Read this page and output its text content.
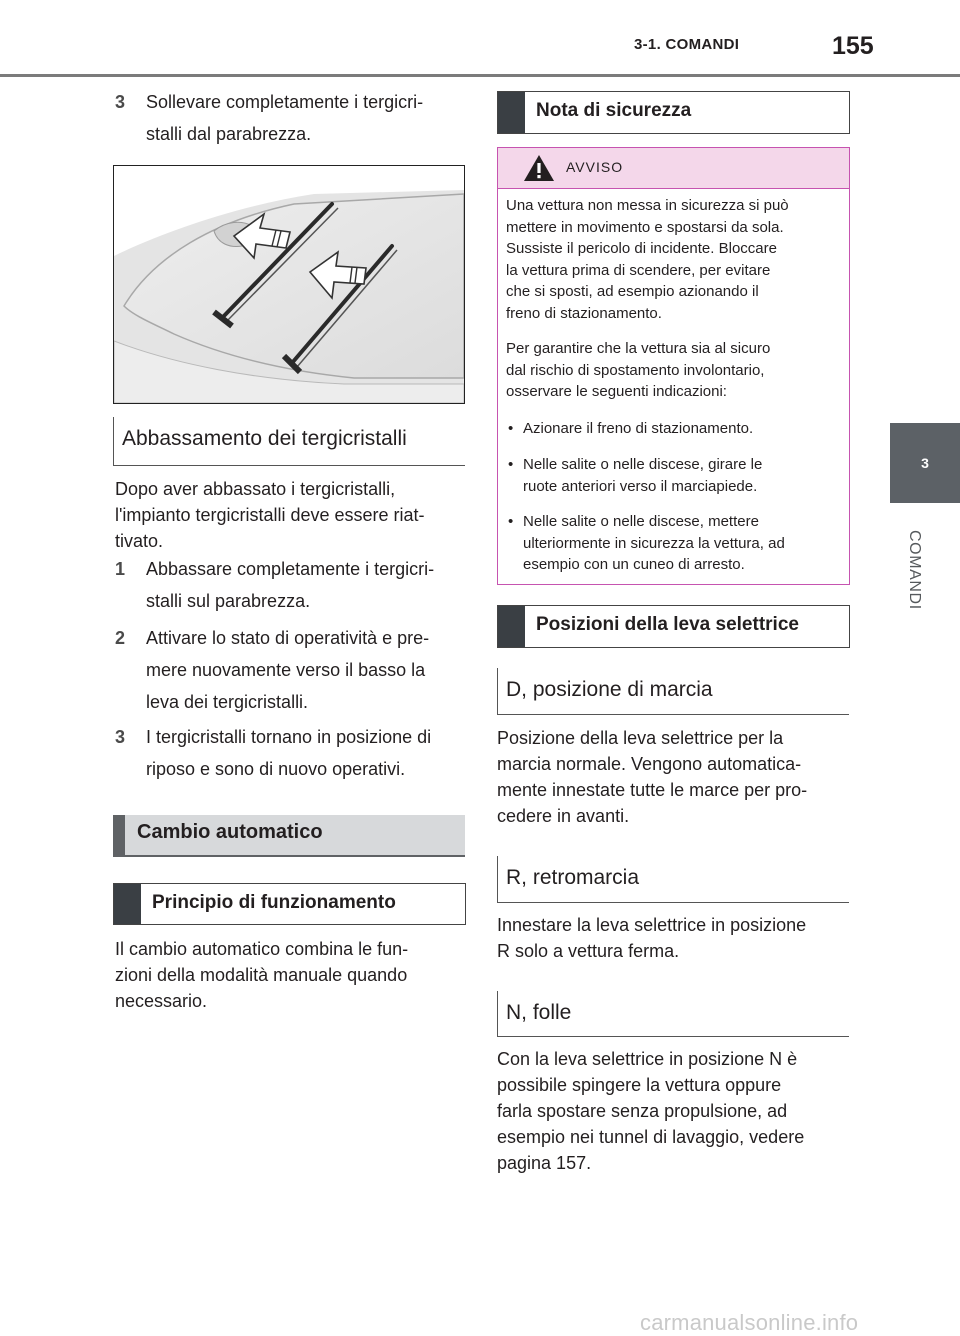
3-1. COMANDI	155
3
COMANDI
3 Sollevare completamente i tergicri-
stalli dal parabrezza.
Abbassamento dei tergicristalli
Dopo aver abbassato i tergicristalli,
l'impianto tergicristalli deve essere riat-
tivato.
1 Abbassare completamente i tergicri-
stalli sul parabrezza.
2 Attivare lo stato di operatività e pre-
mere nuovamente verso il basso la
leva dei tergicristalli.
3 I tergicristalli tornano in posizione di
riposo e sono di nuovo operativi.
Cambio automatico
Principio di funzionamento
Il cambio automatico combina le fun-
zioni della modalità manuale quando
necessario.
Nota di sicurezza
AVVISO
Una vettura non messa in sicurezza si può
mettere in movimento e spostarsi da sola.
Sussiste il pericolo di incidente. Bloccare
la vettura prima di scendere, per evitare
che si sposti, ad esempio azionando il
freno di stazionamento.
Per garantire che la vettura sia al sicuro
dal rischio di spostamento involontario,
osservare le seguenti indicazioni:
• Azionare il freno di stazionamento.
• Nelle salite o nelle discese, girare le
ruote anteriori verso il marciapiede.
• Nelle salite o nelle discese, mettere
ulteriormente in sicurezza la vettura, ad
esempio con un cuneo di arresto.
Posizioni della leva selettrice
D, posizione di marcia
Posizione della leva selettrice per la
marcia normale. Vengono automatica-
mente innestate tutte le marce per pro-
cedere in avanti.
R, retromarcia
Innestare la leva selettrice in posizione
R solo a vettura ferma.
N, folle
Con la leva selettrice in posizione N è
possibile spingere la vettura oppure
farla spostare senza propulsione, ad
esempio nei tunnel di lavaggio, vedere
pagina 157.
carmanualsonline.info
